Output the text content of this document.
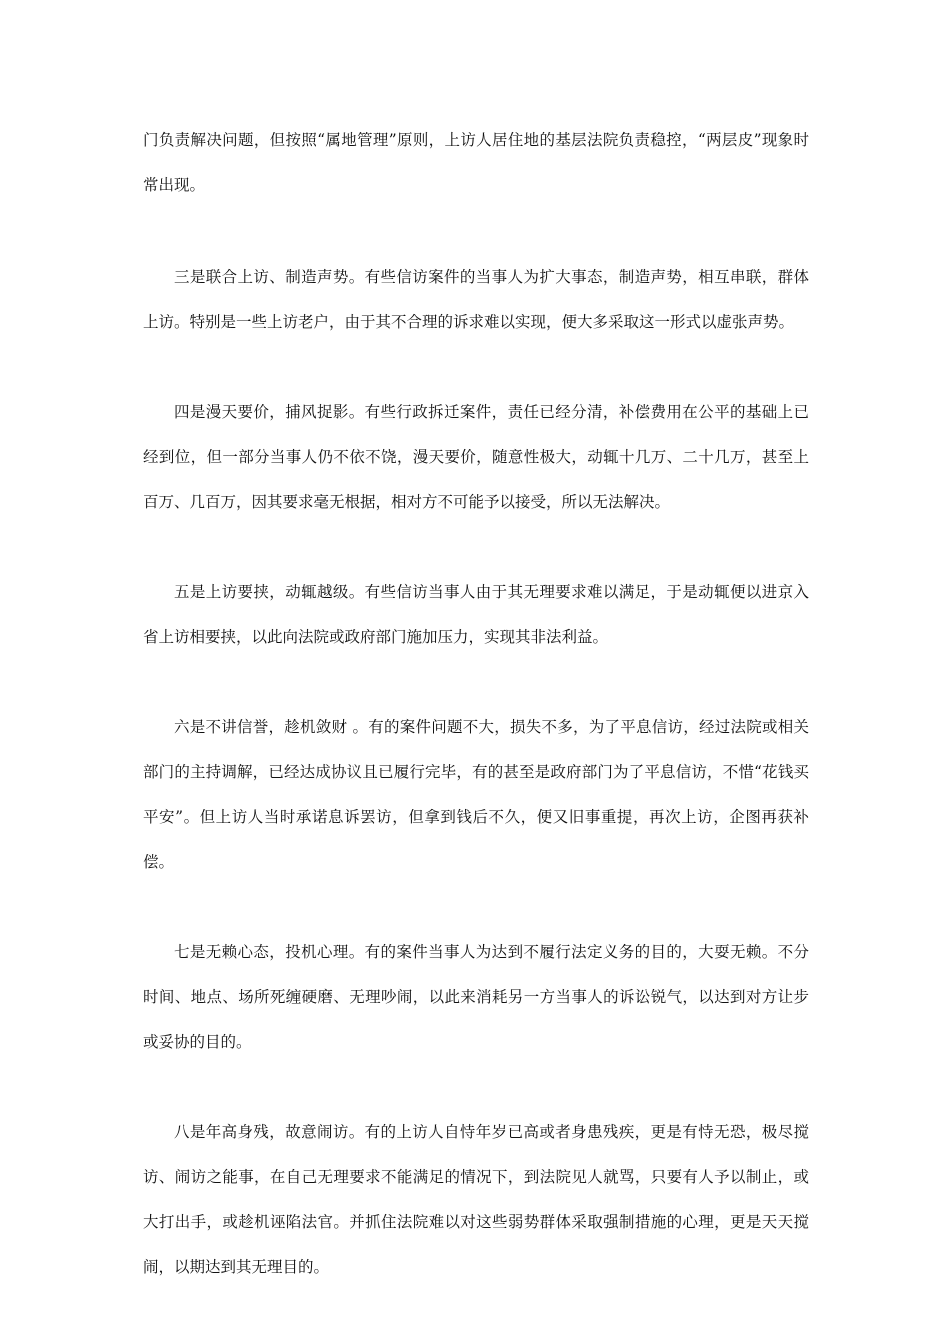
门负责解决问题，但按照“属地管理”原则，上访人居住地的基层法院负责稳控，“两层皮”现象时常出现。

三是联合上访、制造声势。有些信访案件的当事人为扩大事态，制造声势，相互串联，群体上访。特别是一些上访老户，由于其不合理的诉求难以实现，便大多采取这一形式以虚张声势。

四是漫天要价，捕风捉影。有些行政拆迁案件，责任已经分清，补偿费用在公平的基础上已经到位，但一部分当事人仍不依不饶，漫天要价，随意性极大，动辄十几万、二十几万，甚至上百万、几百万，因其要求毫无根据，相对方不可能予以接受，所以无法解决。

五是上访要挟，动辄越级。有些信访当事人由于其无理要求难以满足，于是动辄便以进京入省上访相要挟，以此向法院或政府部门施加压力，实现其非法利益。

六是不讲信誉，趁机敛财 。有的案件问题不大，损失不多，为了平息信访，经过法院或相关部门的主持调解，已经达成协议且已履行完毕，有的甚至是政府部门为了平息信访，不惜“花钱买平安”。但上访人当时承诺息诉罢访，但拿到钱后不久，便又旧事重提，再次上访，企图再获补偿。

七是无赖心态，投机心理。有的案件当事人为达到不履行法定义务的目的，大耍无赖。不分时间、地点、场所死缠硬磨、无理吵闹，以此来消耗另一方当事人的诉讼锐气，以达到对方让步或妥协的目的。

八是年高身残，故意闹访。有的上访人自恃年岁已高或者身患残疾，更是有恃无恐，极尽搅访、闹访之能事，在自己无理要求不能满足的情况下，到法院见人就骂，只要有人予以制止，或大打出手，或趁机诬陷法官。并抓住法院难以对这些弱势群体采取强制措施的心理，更是天天搅闹，以期达到其无理目的。
